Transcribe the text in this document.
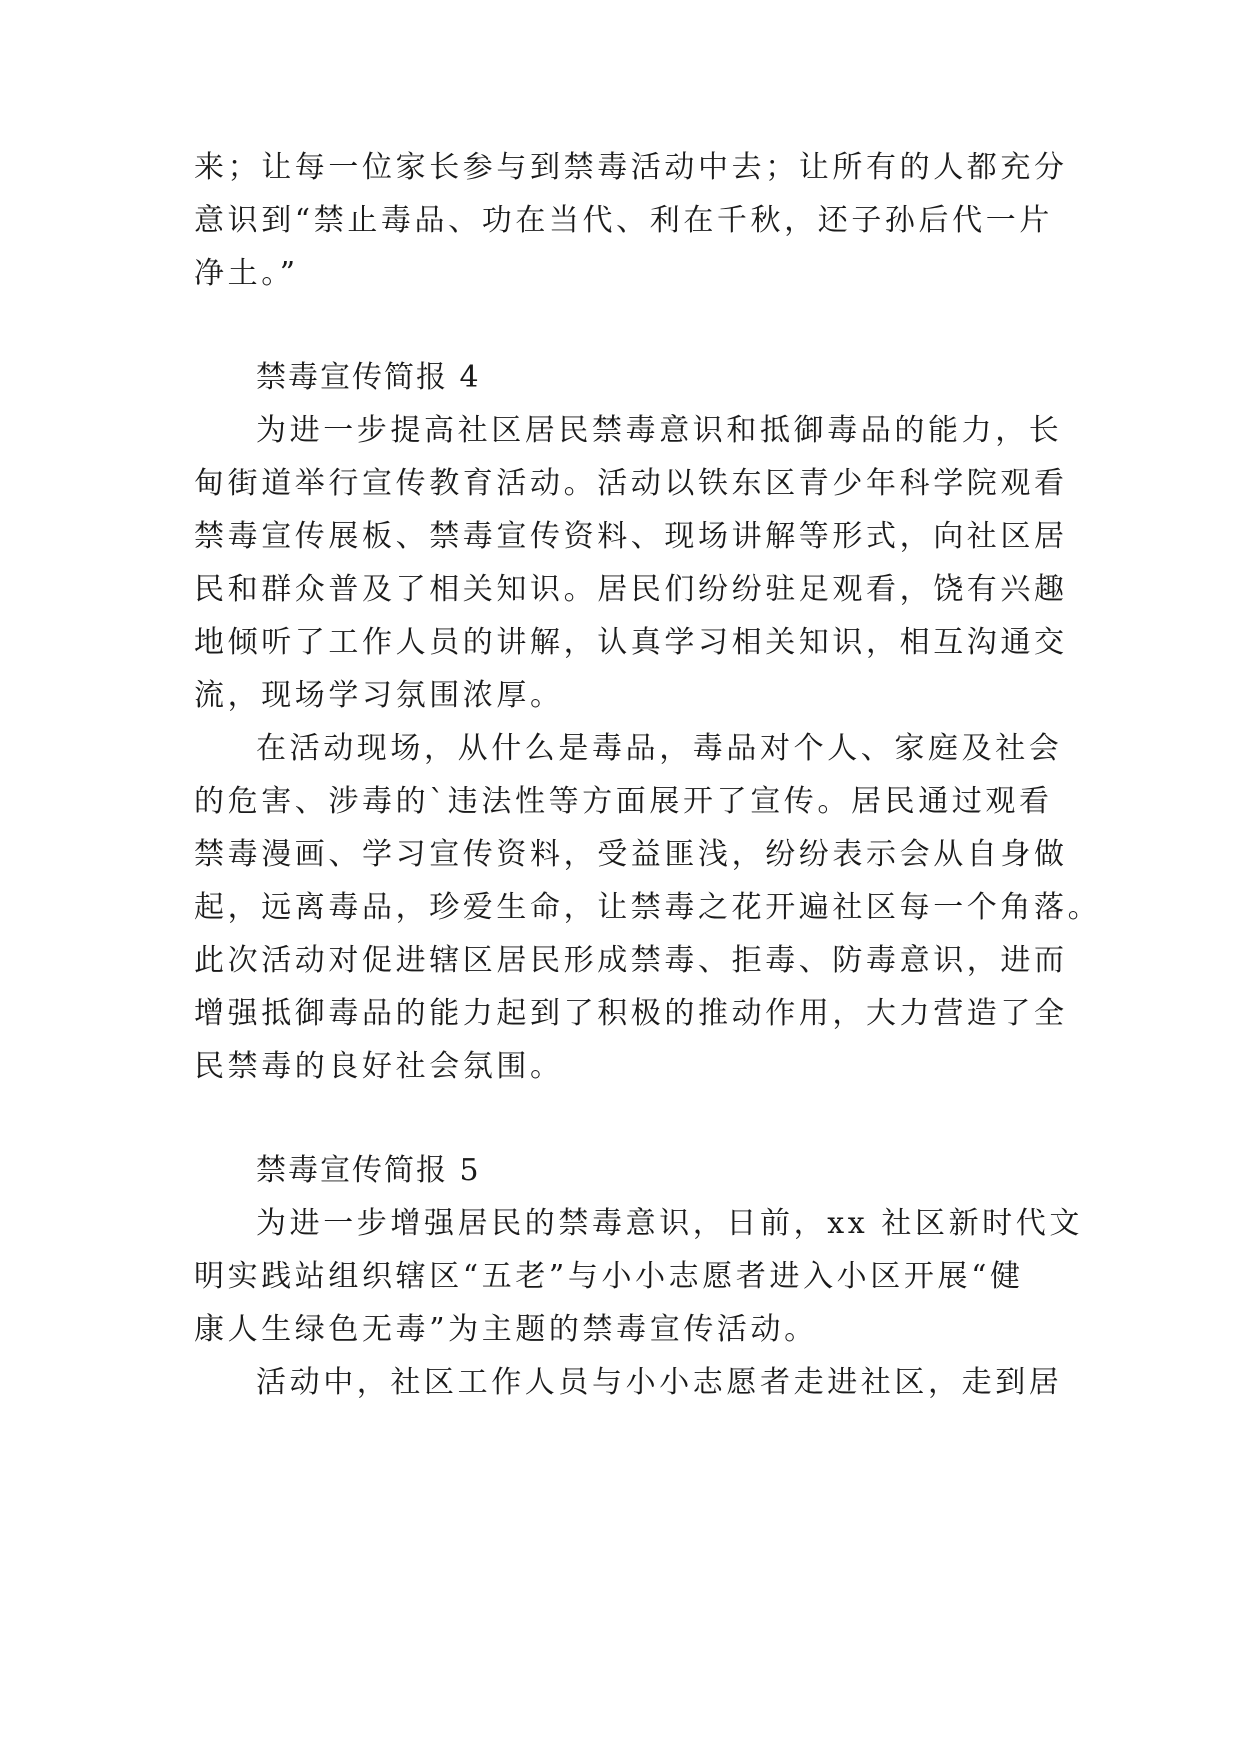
来；让每一位家长参与到禁毒活动中去；让所有的人都充分
意识到“禁止毒品、功在当代、利在千秋，还子孙后代一片
净土。”
禁毒宣传简报 4
为进一步提高社区居民禁毒意识和抵御毒品的能力，长
甸街道举行宣传教育活动。活动以铁东区青少年科学院观看
禁毒宣传展板、禁毒宣传资料、现场讲解等形式，向社区居
民和群众普及了相关知识。居民们纷纷驻足观看，饶有兴趣
地倾听了工作人员的讲解，认真学习相关知识，相互沟通交
流，现场学习氛围浓厚。
在活动现场，从什么是毒品，毒品对个人、家庭及社会
的危害、涉毒的`违法性等方面展开了宣传。居民通过观看
禁毒漫画、学习宣传资料，受益匪浅，纷纷表示会从自身做
起，远离毒品，珍爱生命，让禁毒之花开遍社区每一个角落。
此次活动对促进辖区居民形成禁毒、拒毒、防毒意识，进而
增强抵御毒品的能力起到了积极的推动作用，大力营造了全
民禁毒的良好社会氛围。
禁毒宣传简报 5
为进一步增强居民的禁毒意识，日前，xx 社区新时代文
明实践站组织辖区“五老”与小小志愿者进入小区开展“健
康人生绿色无毒”为主题的禁毒宣传活动。
活动中，社区工作人员与小小志愿者走进社区，走到居
